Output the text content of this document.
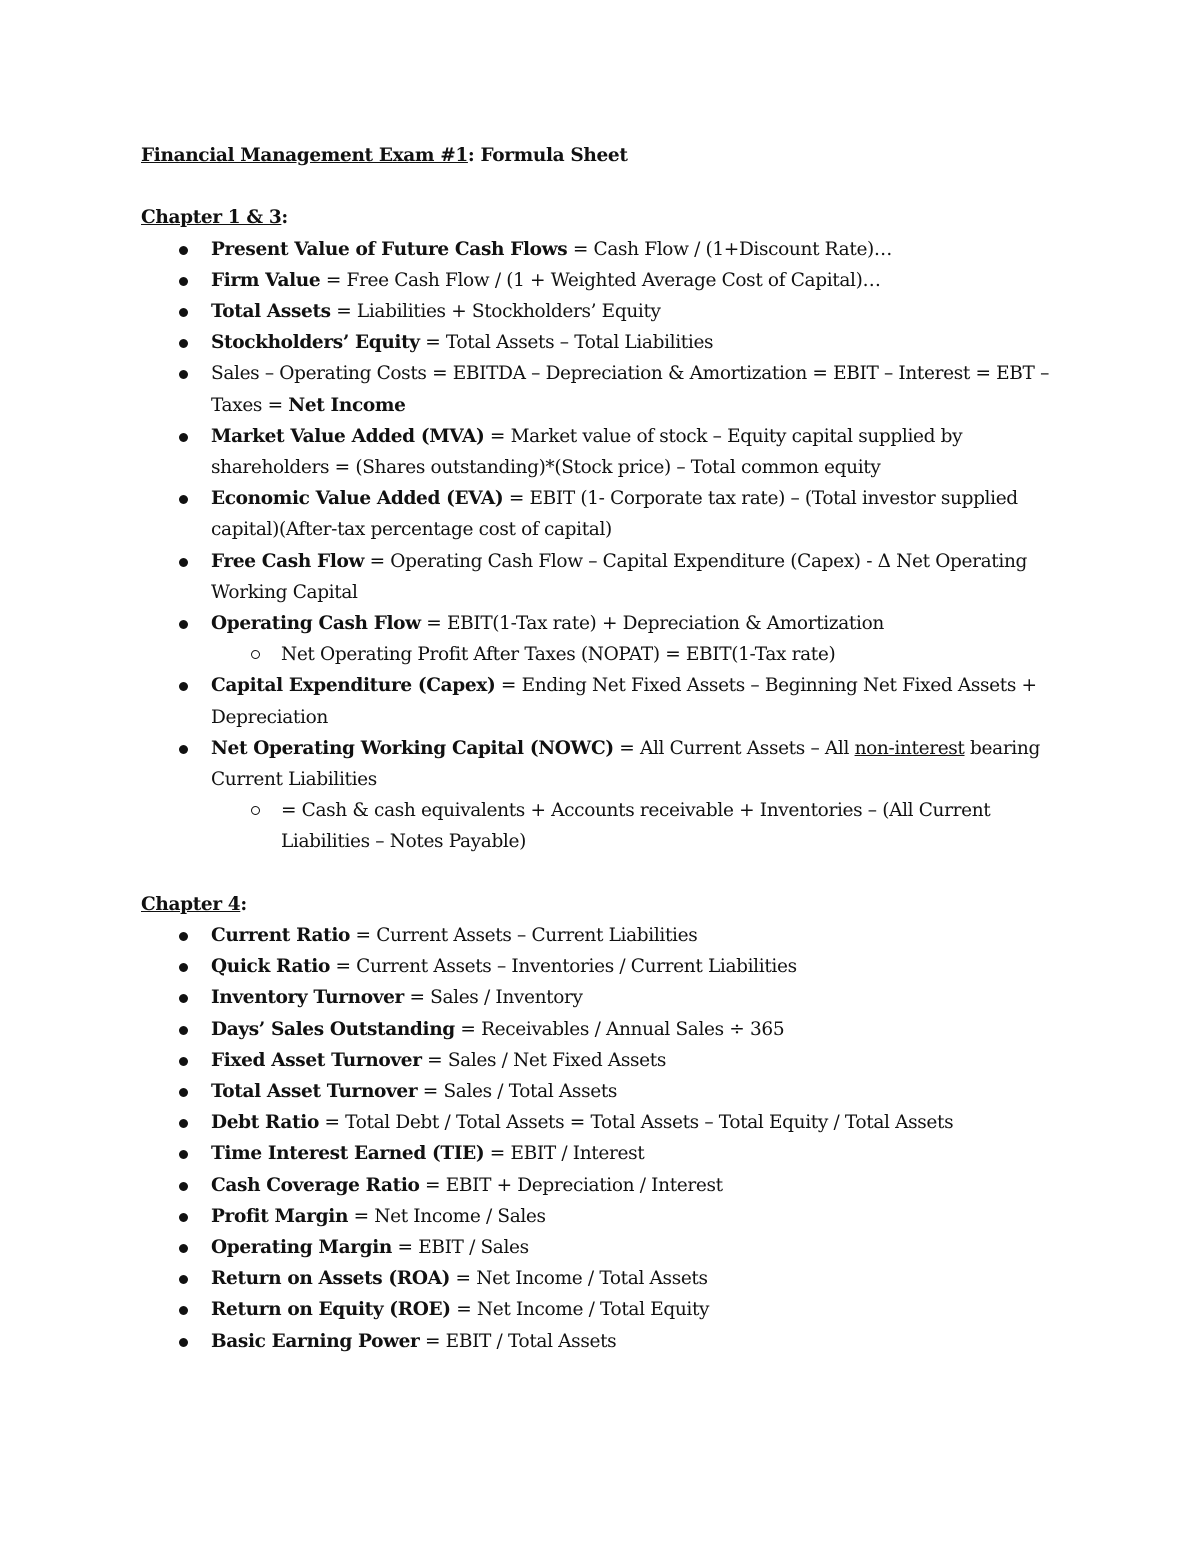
Financial Management Exam #1: Formula Sheet

Chapter 1 & 3:

Present Value of Future Cash Flows = Cash Flow / (1+Discount Rate)…
Firm Value = Free Cash Flow / (1 + Weighted Average Cost of Capital)…
Total Assets = Liabilities + Stockholders’ Equity
Stockholders’ Equity = Total Assets – Total Liabilities
Sales – Operating Costs = EBITDA – Depreciation & Amortization = EBIT – Interest = EBT – Taxes = Net Income
Market Value Added (MVA) = Market value of stock – Equity capital supplied by shareholders = (Shares outstanding)*(Stock price) – Total common equity
Economic Value Added (EVA) = EBIT (1- Corporate tax rate) – (Total investor supplied capital)(After-tax percentage cost of capital)
Free Cash Flow = Operating Cash Flow – Capital Expenditure (Capex) - Δ Net Operating Working Capital
Operating Cash Flow = EBIT(1-Tax rate) + Depreciation & Amortization
Net Operating Profit After Taxes (NOPAT) = EBIT(1-Tax rate)
Capital Expenditure (Capex) = Ending Net Fixed Assets – Beginning Net Fixed Assets + Depreciation
Net Operating Working Capital (NOWC) = All Current Assets – All non-interest bearing Current Liabilities
= Cash & cash equivalents + Accounts receivable + Inventories – (All Current Liabilities – Notes Payable)

Chapter 4:

Current Ratio = Current Assets – Current Liabilities
Quick Ratio = Current Assets – Inventories / Current Liabilities
Inventory Turnover = Sales / Inventory
Days’ Sales Outstanding = Receivables / Annual Sales ÷ 365
Fixed Asset Turnover = Sales / Net Fixed Assets
Total Asset Turnover = Sales / Total Assets
Debt Ratio = Total Debt / Total Assets = Total Assets – Total Equity / Total Assets
Time Interest Earned (TIE) = EBIT / Interest
Cash Coverage Ratio = EBIT + Depreciation / Interest
Profit Margin = Net Income / Sales
Operating Margin = EBIT / Sales
Return on Assets (ROA) = Net Income / Total Assets
Return on Equity (ROE) = Net Income / Total Equity
Basic Earning Power = EBIT / Total Assets
